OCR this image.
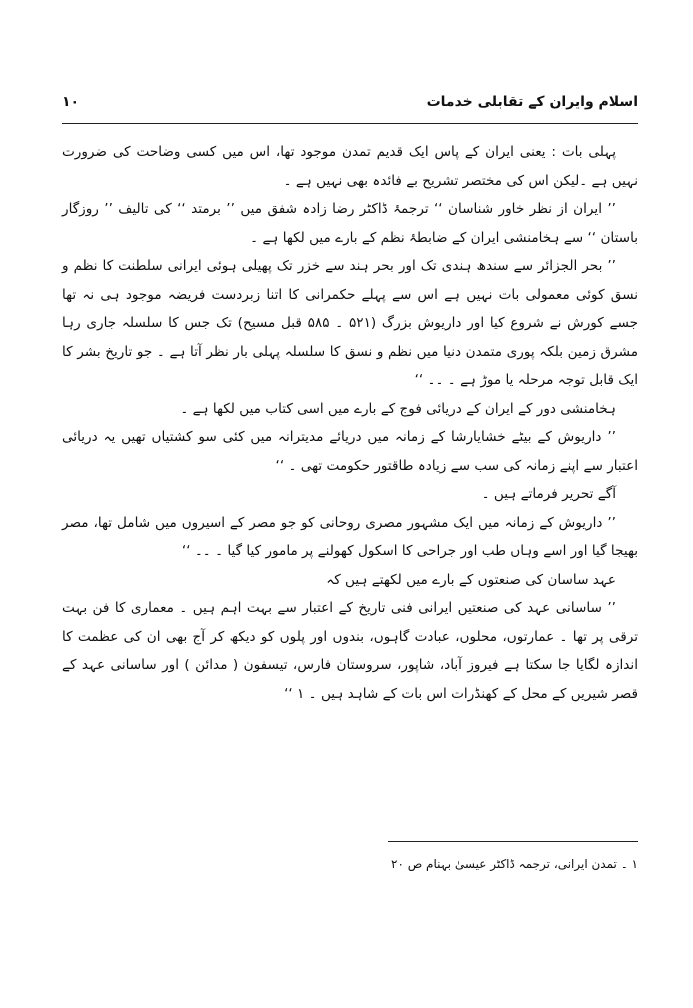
اسلام وایران کے تقابلی خدمات
۱۰

پہلی بات : یعنی ایران کے پاس ایک قدیم تمدن موجود تھا، اس میں کسی وضاحت کی ضرورت نہیں ہے ۔لیکن اس کی مختصر تشریح بے فائدہ بھی نہیں ہے ۔

’’ ایران از نظر خاور شناسان ‘‘ ترجمۂ ڈاکٹر رضا زادہ شفق میں ’’ برمتد ‘‘ کی تالیف ’’ روزگار باستان ‘‘ سے ہخامنشی ایران کے ضابطۂ نظم کے بارے میں لکھا ہے ۔

’’ بحر الجزائر سے سندھ ہندی تک اور بحر ہند سے خزر تک پھیلی ہوئی ایرانی سلطنت کا نظم و نسق کوئی معمولی بات نہیں ہے اس سے پہلے حکمرانی کا اتنا زبردست فریضہ موجود ہی نہ تھا جسے کورش نے شروع کیا اور داریوش بزرگ (۵۲۱ ۔ ۵۸۵ قبل مسیح) تک جس کا سلسلہ جاری رہا مشرق زمین بلکہ پوری متمدن دنیا میں نظم و نسق کا سلسلہ پہلی بار نظر آتا ہے ۔ جو تاریخ بشر کا ایک قابل توجہ مرحلہ یا موڑ ہے ۔ ۔۔ ‘‘

ہخامنشی دور کے ایران کے دریائی فوج کے بارے میں اسی کتاب میں لکھا ہے ۔

’’ داریوش کے بیٹے خشایارشا کے زمانہ میں دریائے مدیترانہ میں کئی سو کشتیاں تھیں یہ دریائی اعتبار سے اپنے زمانہ کی سب سے زیادہ طاقتور حکومت تھی ۔ ‘‘

آگے تحریر فرماتے ہیں ۔

’’ داریوش کے زمانہ میں ایک مشہور مصری روحانی کو جو مصر کے اسیروں میں شامل تھا، مصر بھیجا گیا اور اسے وہاں طب اور جراحی کا اسکول کھولنے پر مامور کیا گیا ۔ ۔۔ ‘‘

عہد ساسان کی صنعتوں کے بارے میں لکھتے ہیں کہ

’’ ساسانی عہد کی صنعتیں ایرانی فنی تاریخ کے اعتبار سے بہت اہم ہیں ۔ معماری کا فن بہت ترقی پر تھا ۔ عمارتوں، محلوں، عبادت گاہوں، بندوں اور پلوں کو دیکھ کر آج بھی ان کی عظمت کا اندازہ لگایا جا سکتا ہے فیروز آباد، شاپور، سروستان فارس، تیسفون ( مدائن ) اور ساسانی عہد کے قصر شیریں کے محل کے کھنڈرات اس بات کے شاہد ہیں ۔ ۱ ‘‘

۱ ۔ تمدن ایرانی، ترجمہ ڈاکٹر عیسیٰ بہنام ص ۲۰
